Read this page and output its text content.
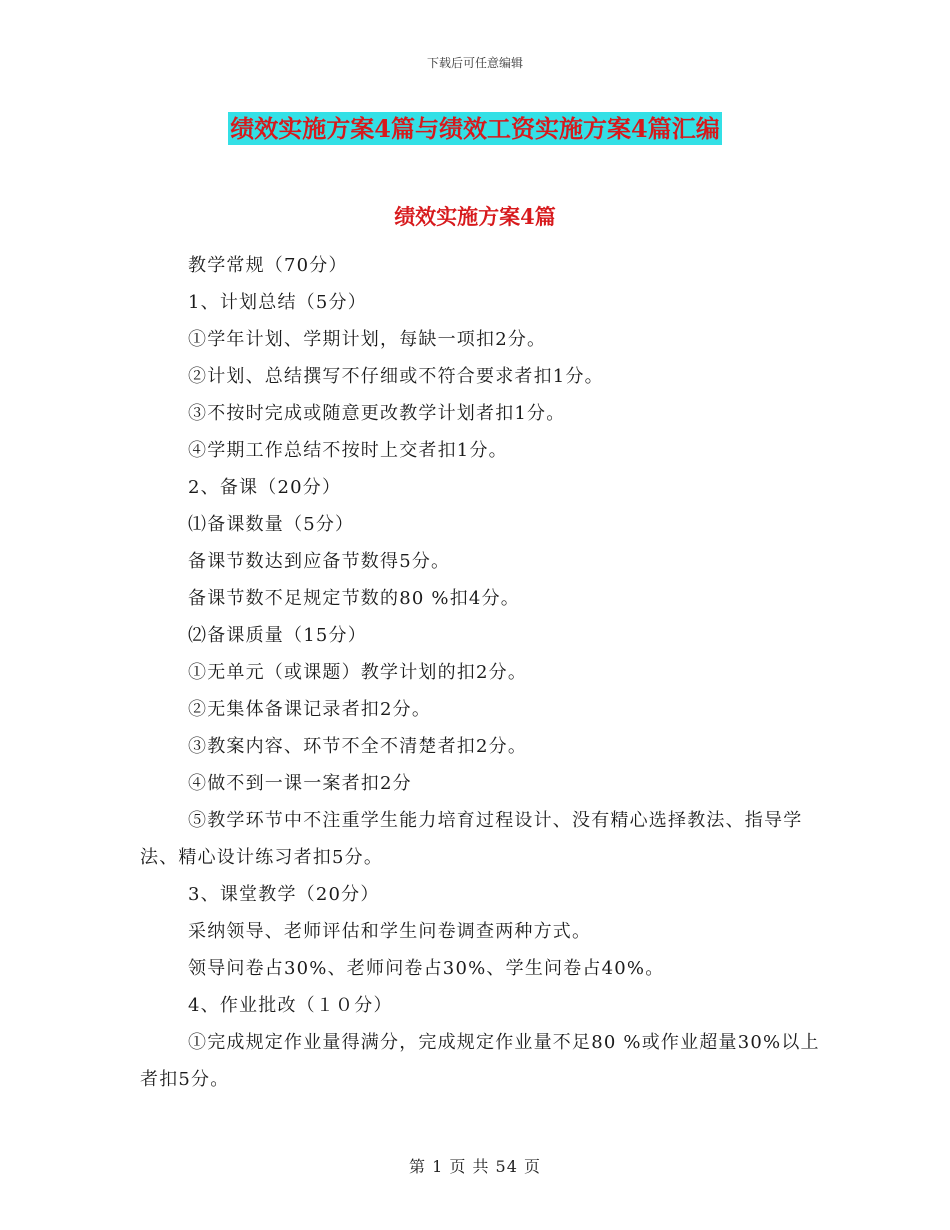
下载后可任意编辑
绩效实施方案4篇与绩效工资实施方案4篇汇编
绩效实施方案4篇

教学常规（70分）

1、计划总结（5分）

①学年计划、学期计划，每缺一项扣2分。

②计划、总结撰写不仔细或不符合要求者扣1分。

③不按时完成或随意更改教学计划者扣1分。

④学期工作总结不按时上交者扣1分。

2、备课（20分）

⑴备课数量（5分）

备课节数达到应备节数得5分。

备课节数不足规定节数的80 %扣4分。

⑵备课质量（15分）

①无单元（或课题）教学计划的扣2分。

②无集体备课记录者扣2分。

③教案内容、环节不全不清楚者扣2分。

④做不到一课一案者扣2分

⑤教学环节中不注重学生能力培育过程设计、没有精心选择教法、指导学法、精心设计练习者扣5分。

3、课堂教学（20分）

采纳领导、老师评估和学生问卷调查两种方式。

领导问卷占30%、老师问卷占30%、学生问卷占40%。

4、作业批改（１０分）

①完成规定作业量得满分，完成规定作业量不足80 %或作业超量30%以上者扣5分。

第 1 页 共 54 页
